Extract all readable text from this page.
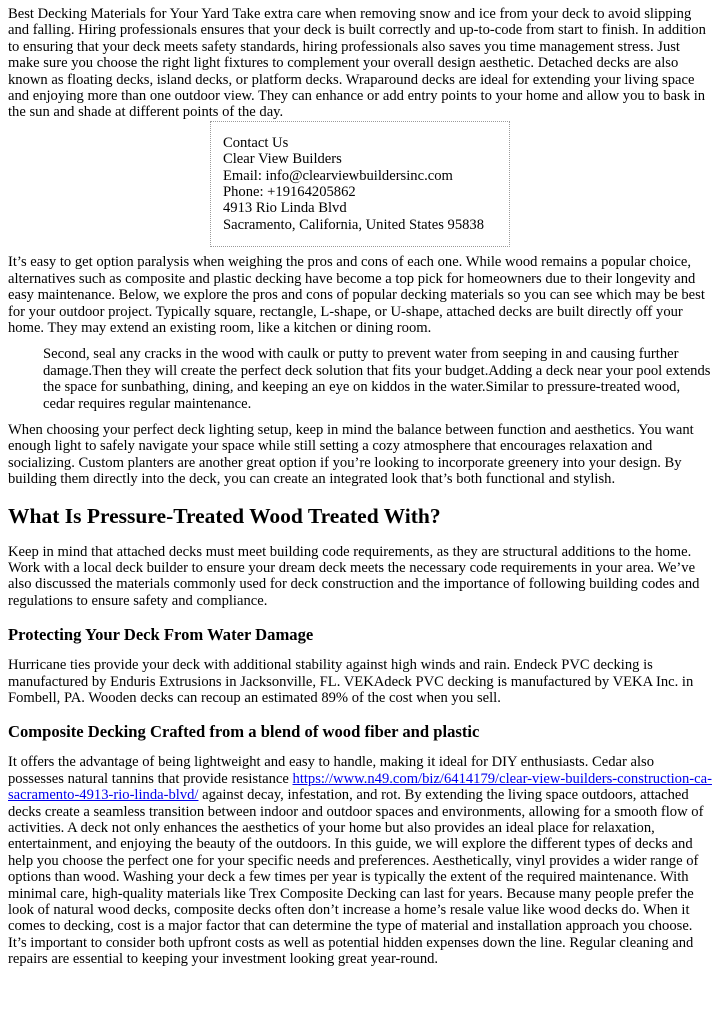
Best Decking Materials for Your Yard Take extra care when removing snow and ice from your deck to avoid slipping and falling. Hiring professionals ensures that your deck is built correctly and up-to-code from start to finish. In addition to ensuring that your deck meets safety standards, hiring professionals also saves you time management stress. Just make sure you choose the right light fixtures to complement your overall design aesthetic. Detached decks are also known as floating decks, island decks, or platform decks. Wraparound decks are ideal for extending your living space and enjoying more than one outdoor view. They can enhance or add entry points to your home and allow you to bask in the sun and shade at different points of the day.

Contact Us
Clear View Builders
Email: info@clearviewbuildersinc.com
Phone: +19164205862
4913 Rio Linda Blvd
Sacramento, California, United States 95838

It’s easy to get option paralysis when weighing the pros and cons of each one. While wood remains a popular choice, alternatives such as composite and plastic decking have become a top pick for homeowners due to their longevity and easy maintenance. Below, we explore the pros and cons of popular decking materials so you can see which may be best for your outdoor project. Typically square, rectangle, L-shape, or U-shape, attached decks are built directly off your home. They may extend an existing room, like a kitchen or dining room.

Second, seal any cracks in the wood with caulk or putty to prevent water from seeping in and causing further damage.Then they will create the perfect deck solution that fits your budget.Adding a deck near your pool extends the space for sunbathing, dining, and keeping an eye on kiddos in the water.Similar to pressure-treated wood, cedar requires regular maintenance.

When choosing your perfect deck lighting setup, keep in mind the balance between function and aesthetics. You want enough light to safely navigate your space while still setting a cozy atmosphere that encourages relaxation and socializing. Custom planters are another great option if you’re looking to incorporate greenery into your design. By building them directly into the deck, you can create an integrated look that’s both functional and stylish.

What Is Pressure-Treated Wood Treated With?

Keep in mind that attached decks must meet building code requirements, as they are structural additions to the home. Work with a local deck builder to ensure your dream deck meets the necessary code requirements in your area. We’ve also discussed the materials commonly used for deck construction and the importance of following building codes and regulations to ensure safety and compliance.

Protecting Your Deck From Water Damage

Hurricane ties provide your deck with additional stability against high winds and rain. Endeck PVC decking is manufactured by Enduris Extrusions in Jacksonville, FL. VEKAdeck PVC decking is manufactured by VEKA Inc. in Fombell, PA. Wooden decks can recoup an estimated 89% of the cost when you sell.

Composite Decking Crafted from a blend of wood fiber and plastic

It offers the advantage of being lightweight and easy to handle, making it ideal for DIY enthusiasts. Cedar also possesses natural tannins that provide resistance https://www.n49.com/biz/6414179/clear-view-builders-construction-ca-sacramento-4913-rio-linda-blvd/ against decay, infestation, and rot. By extending the living space outdoors, attached decks create a seamless transition between indoor and outdoor spaces and environments, allowing for a smooth flow of activities. A deck not only enhances the aesthetics of your home but also provides an ideal place for relaxation, entertainment, and enjoying the beauty of the outdoors. In this guide, we will explore the different types of decks and help you choose the perfect one for your specific needs and preferences. Aesthetically, vinyl provides a wider range of options than wood. Washing your deck a few times per year is typically the extent of the required maintenance. With minimal care, high-quality materials like Trex Composite Decking can last for years. Because many people prefer the look of natural wood decks, composite decks often don’t increase a home’s resale value like wood decks do. When it comes to decking, cost is a major factor that can determine the type of material and installation approach you choose. It’s important to consider both upfront costs as well as potential hidden expenses down the line. Regular cleaning and repairs are essential to keeping your investment looking great year-round.
